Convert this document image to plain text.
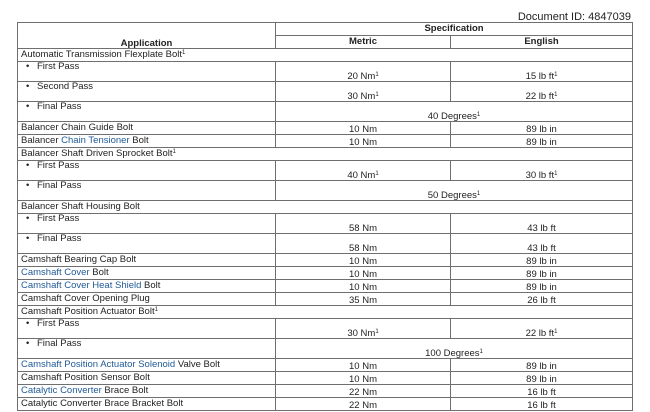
Document ID: 4847039
Application	Specification	
	Metric	English
Automatic Transmission Flexplate Bolt$^1$
• First Pass	20 Nm$^1$	15 lb $ft^1$
• Second Pass	30 Nm$^1$	22 lb $ft^1$
• Final Pass	40 Degrees$^1$
Balancer Chain Guide Bolt	10 Nm	89 lb in
Balancer Chain Tensioner Bolt	10 Nm	89 lb in
Balancer Shaft Driven Sprocket Bolt$^1$
• First Pass	40 Nm$^1$	30 lb $ft^1$
• Final Pass	50 Degrees$^1$
Balancer Shaft Housing Bolt		
• First Pass	58 Nm	43 lb ft
• Final Pass	58 Nm	43 lb ft
Camshaft Bearing Cap Bolt	10 Nm	89 lb in
Camshaft Cover Bolt	10 Nm	89 lb in
Camshaft Cover Heat Shield Bolt	10 Nm	89 lb in
Camshaft Cover Opening Plug	35 Nm	26 lb ft
Camshaft Position Actuator Bolt$^1$
• First Pass	30 Nm$^1$	22 lb $ft^1$
• Final Pass	100 Degrees$^1$
Camshaft Position Actuator Solenoid Valve Bolt	10 Nm	89 lb in
Camshaft Position Sensor Bolt	10 Nm	89 lb in
Catalytic Converter Brace Bolt	22 Nm	16 lb ft
Catalytic Converter Brace Bracket Bolt	22 Nm	16 lb ft
